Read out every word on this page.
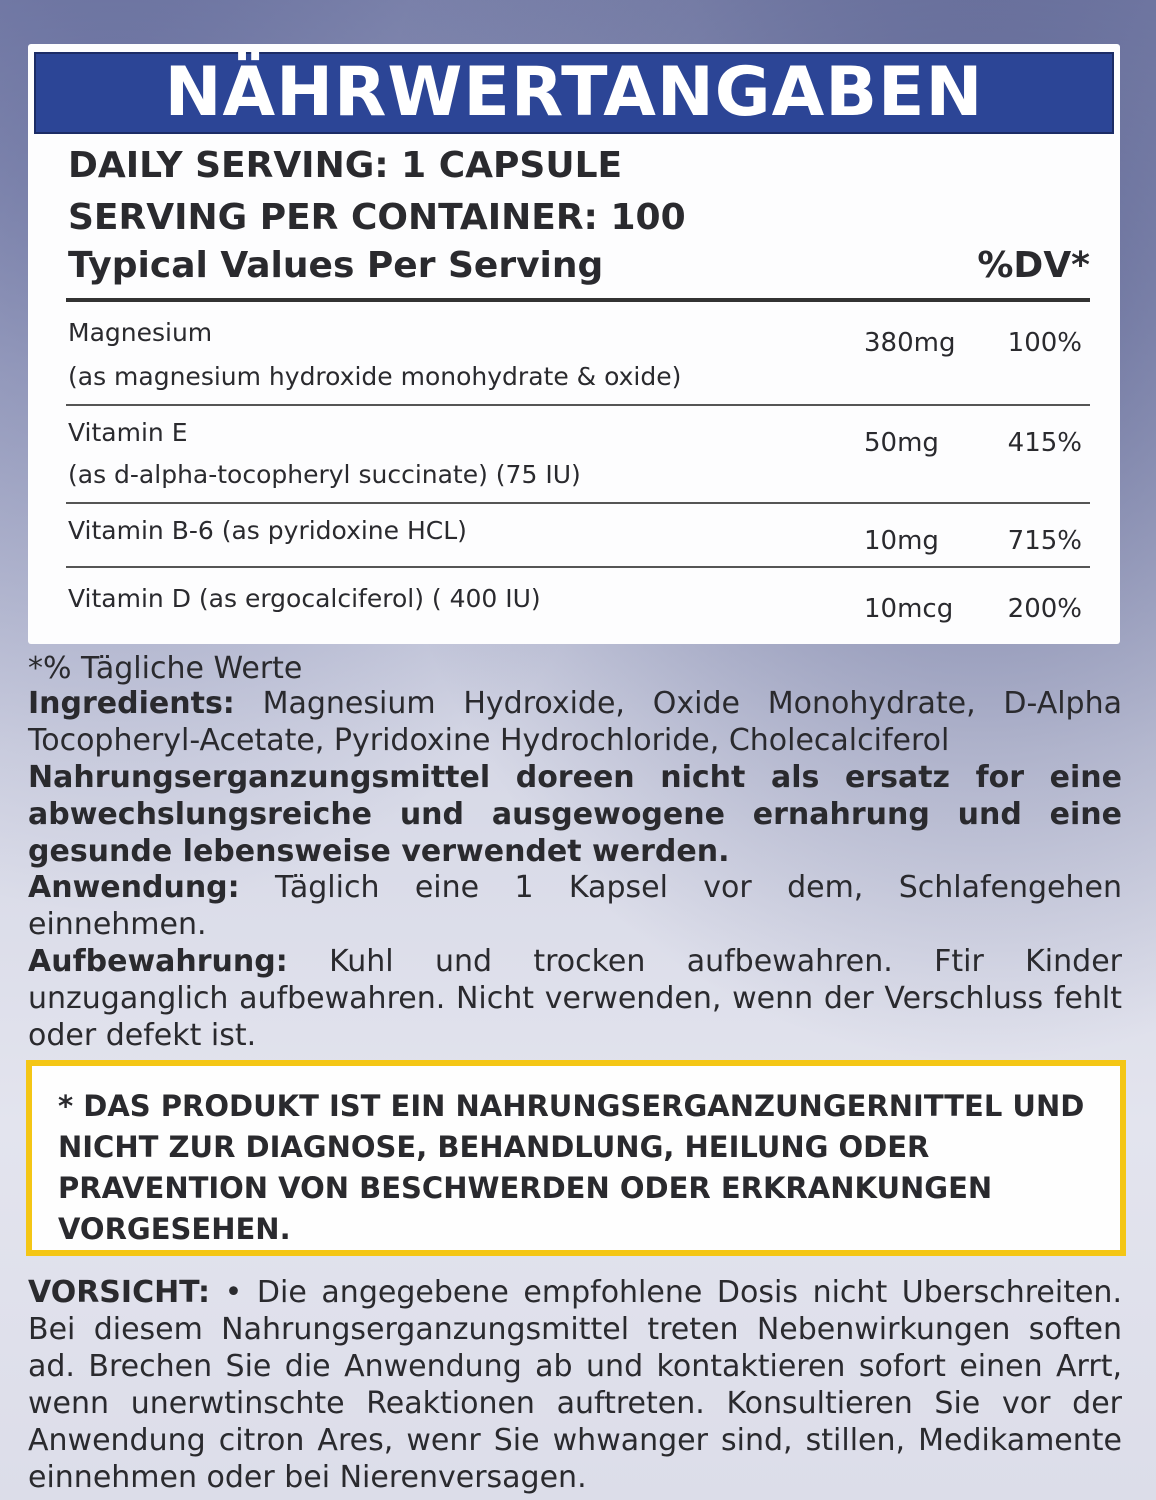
NÄHRWERTANGABEN
DAILY SERVING: 1 CAPSULE
SERVING PER CONTAINER: 100
Typical Values Per Serving	%DV*
Magnesium
(as magnesium hydroxide monohydrate & oxide)
380mg 100%
Vitamin E
(as d-alpha-tocopheryl succinate) (75 IU)
50mg	415%
Vitamin B-6 (as pyridoxine HCL)	10mg	715%
Vitamin D (as ergocalciferol) ( 400 IU)	10mcg 200%
*% Tägliche Werte
Ingredients: Magnesium Hydroxide, Oxide Monohydrate, D-Alpha Tocopheryl-Acetate, Pyridoxine Hydrochloride, Cholecalciferol
Nahrungserganzungsmittel doreen nicht als ersatz for eine abwechslungsreiche und ausgewogene ernahrung und eine gesunde lebensweise verwendet werden.
Anwendung: Täglich eine 1 Kapsel vor dem, Schlafengehen einnehmen.
Aufbewahrung: Kuhl und trocken aufbewahren. Ftir Kinder unzuganglich aufbewahren. Nicht verwenden, wenn der Verschluss fehlt oder defekt ist.
* DAS PRODUKT IST EIN NAHRUNGSERGANZUNGERNITTEL UND NICHT ZUR DIAGNOSE, BEHANDLUNG, HEILUNG ODER PRAVENTION VON BESCHWERDEN ODER ERKRANKUNGEN VORGESEHEN.
VORSICHT: • Die angegebene empfohlene Dosis nicht Uberschreiten. Bei diesem Nahrungserganzungsmittel treten Nebenwirkungen soften ad. Brechen Sie die Anwendung ab und kontaktieren sofort einen Arrt, wenn unerwtinschte Reaktionen auftreten. Konsultieren Sie vor der Anwendung citron Ares, wenr Sie whwanger sind, stillen, Medikamente einnehmen oder bei Nierenversagen.
